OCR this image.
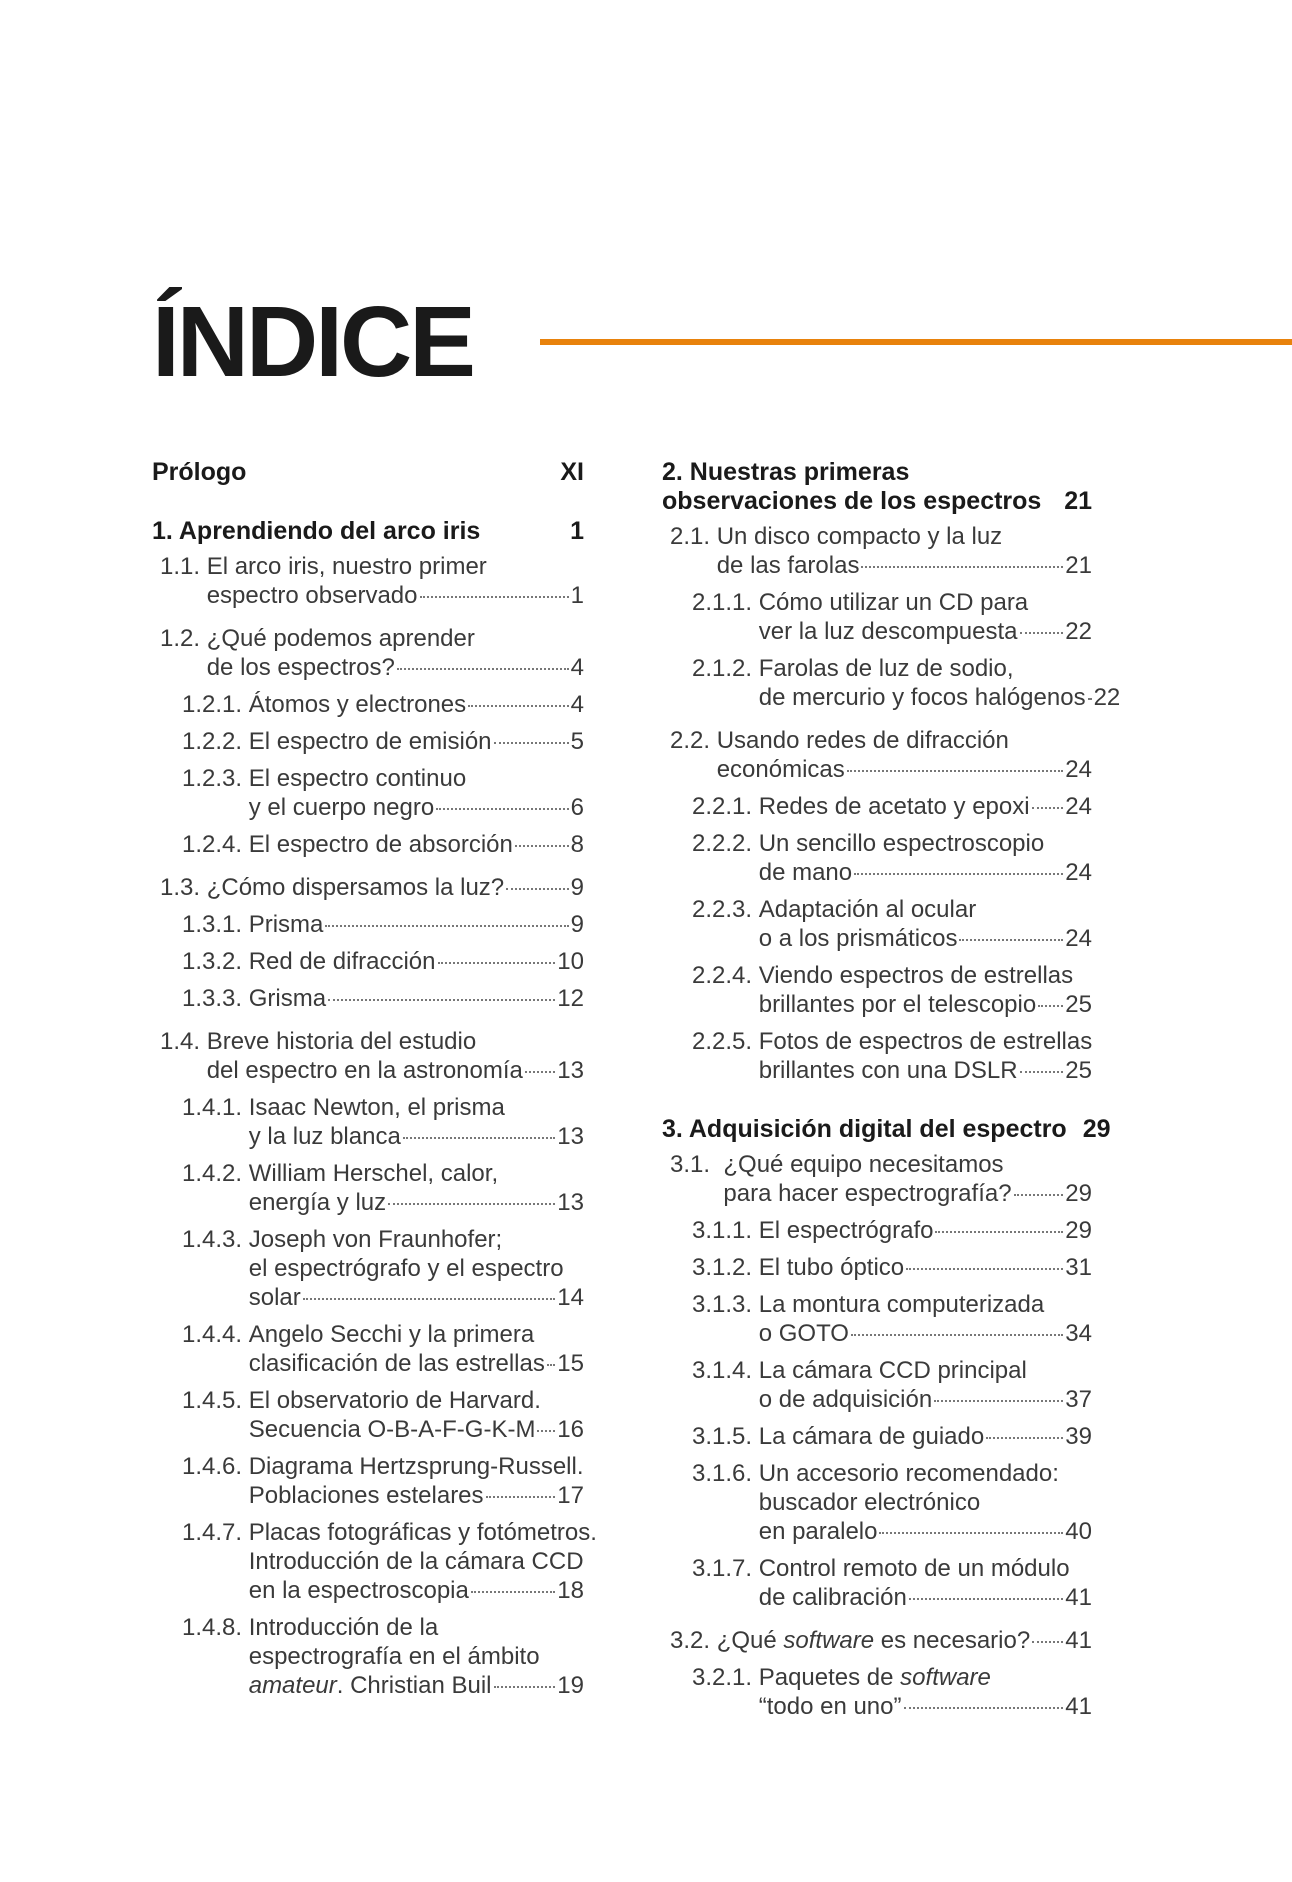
ÍNDICE
Prólogo	XI
1. Aprendiendo del arco iris	1
1.1. El arco iris, nuestro primer
espectro observado	1
1.2. ¿Qué podemos aprender
de los espectros?	4
1.2.1. Átomos y electrones	4
1.2.2. El espectro de emisión	5
1.2.3. El espectro continuo
y el cuerpo negro	6
1.2.4. El espectro de absorción 8
1.3. ¿Cómo dispersamos la luz?	9
1.3.1. Prisma	9
1.3.2. Red de difracción	10
1.3.3. Grisma	12
1.4. Breve historia del estudio
del espectro en la astronomía 13
1.4.1. Isaac Newton, el prisma
y la luz blanca	13
1.4.2. William Herschel, calor,
energía y luz	13
1.4.3. Joseph von Fraunhofer;
el espectrógrafo y el espectro
solar	14
1.4.4. Angelo Secchi y la primera
clasificación de las estrellas 15
1.4.5. El observatorio de Harvard.
Secuencia O-B-A-F-G-K-M 16
1.4.6. Diagrama Hertzsprung-Russell.
Poblaciones estelares	17
1.4.7. Placas fotográficas y fotómetros.
Introducción de la cámara CCD
en la espectroscopia	18
1.4.8. Introducción de la
espectrografía en el ámbito
amateur. Christian Buil	19
2. Nuestras primeras
observaciones de los espectros 21
2.1. Un disco compacto y la luz
de las farolas	21
2.1.1. Cómo utilizar un CD para
ver la luz descompuesta 22
2.1.2. Farolas de luz de sodio,
de mercurio y focos halógenos 22
2.2. Usando redes de difracción
económicas	24
2.2.1. Redes de acetato y epoxi 24
2.2.2. Un sencillo espectroscopio
de mano	24
2.2.3. Adaptación al ocular
o a los prismáticos	24
2.2.4. Viendo espectros de estrellas
brillantes por el telescopio 25
2.2.5. Fotos de espectros de estrellas
brillantes con una DSLR 25
3. Adquisición digital del espectro 29
3.1. ¿Qué equipo necesitamos
para hacer espectrografía? 29
3.1.1. El espectrógrafo	29
3.1.2. El tubo óptico	31
3.1.3. La montura computerizada
o GOTO	34
3.1.4. La cámara CCD principal
o de adquisición	37
3.1.5. La cámara de guiado	39
3.1.6. Un accesorio recomendado:
buscador electrónico
en paralelo	40
3.1.7. Control remoto de un módulo
de calibración	41
3.2. ¿Qué software es necesario? 41
3.2.1. Paquetes de software
“todo en uno”	41
